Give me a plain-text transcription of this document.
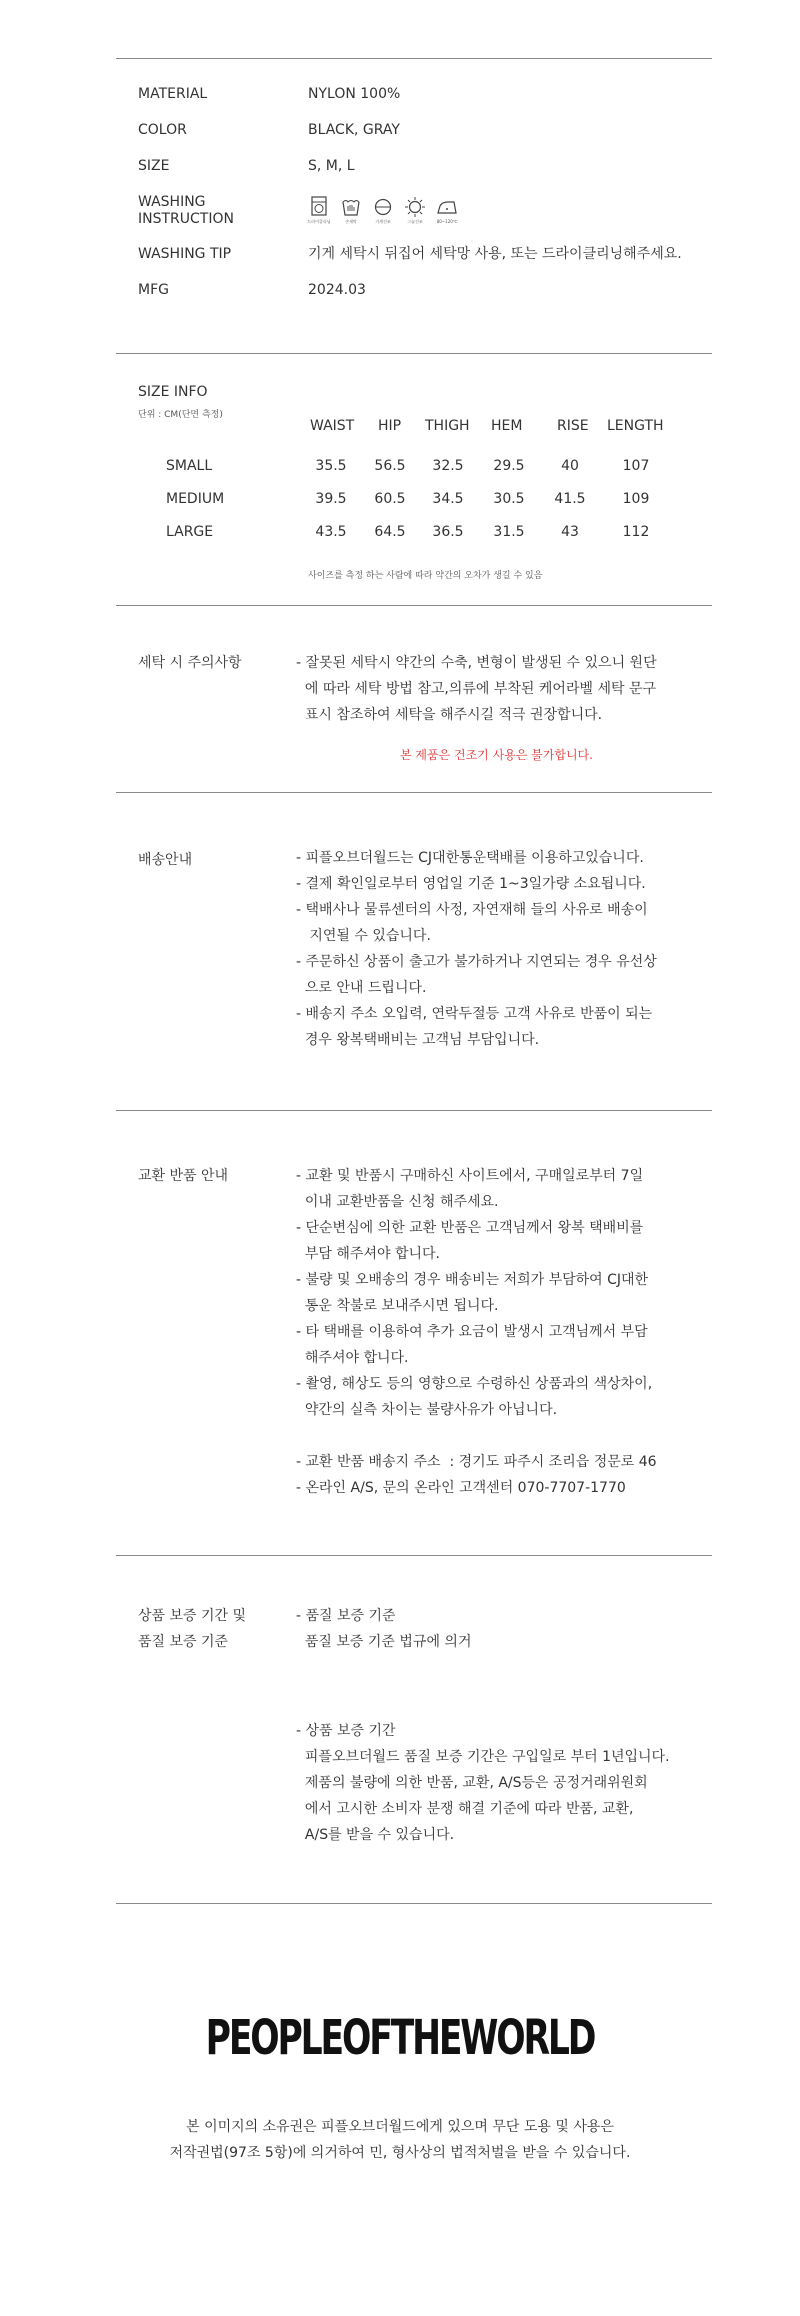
MATERIAL	NYLON 100%
COLOR	BLACK, GRAY
SIZE	S, M, L
WASHING
INSTRUCTION	드라이클리닝	손세탁	기계건조	그늘건조	80~120℃
WASHING TIP	기게 세탁시 뒤집어 세탁망 사용, 또는 드라이클리닝해주세요.
MFG	2024.03
SIZE INFO
단위 : CM(단면 측정)
WAIST HIP THIGH HEM RISE LENGTH
SMALL	35.5	56.5	32.5	29.5	40	107
MEDIUM	39.5	60.5	34.5	30.5	41.5	109
LARGE	43.5	64.5	36.5	31.5	43	112
사이즈를 측정 하는 사람에 따라 약간의 오차가 생길 수 있음
세탁 시 주의사항	- 잘못된 세탁시 약간의 수축, 변형이 발생된 수 있으니 원단
에 따라 세탁 방법 참고,의류에 부착된 케어라벨 세탁 문구
표시 참조하여 세탁을 해주시길 적극 권장합니다.
본 제품은 건조기 사용은 불가합니다.
배송안내	- 피플오브더월드는 CJ대한통운택배를 이용하고있습니다.
- 결제 확인일로부터 영업일 기준 1~3일가량 소요됩니다.
- 택배사나 물류센터의 사정, 자연재해 들의 사유로 배송이
지연될 수 있습니다.
- 주문하신 상품이 출고가 불가하거나 지연되는 경우 유선상
으로 안내 드립니다.
- 배송지 주소 오입력, 연락두절등 고객 사유로 반품이 되는
경우 왕복택배비는 고객님 부담입니다.
교환 반품 안내	- 교환 및 반품시 구매하신 사이트에서, 구매일로부터 7일
이내 교환반품을 신청 해주세요.
- 단순변심에 의한 교환 반품은 고객님께서 왕복 택배비를
부담 해주셔야 합니다.
- 불량 및 오배송의 경우 배송비는 저희가 부담하여 CJ대한
통운 착불로 보내주시면 됩니다.
- 타 택배를 이용하여 추가 요금이 발생시 고객님께서 부담
해주셔야 합니다.
- 촬영, 해상도 등의 영향으로 수령하신 상품과의 색상차이,
약간의 실측 차이는 불량사유가 아닙니다.
- 교환 반품 배송지 주소  : 경기도 파주시 조리읍 정문로 46
- 온라인 A/S, 문의 온라인 고객센터 070-7707-1770
상품 보증 기간 및
품질 보증 기준
- 품질 보증 기준
품질 보증 기준 법규에 의거
- 상품 보증 기간
피플오브더월드 품질 보증 기간은 구입일로 부터 1년입니다.
제품의 불량에 의한 반품, 교환, A/S등은 공정거래위원회
에서 고시한 소비자 분쟁 해결 기준에 따라 반품, 교환,
A/S를 받을 수 있습니다.
PEOPLEOFTHEWORLD
본 이미지의 소유권은 피플오브더월드에게 있으며 무단 도용 및 사용은
저작권법(97조 5항)에 의거하여 민, 형사상의 법적처벌을 받을 수 있습니다.
